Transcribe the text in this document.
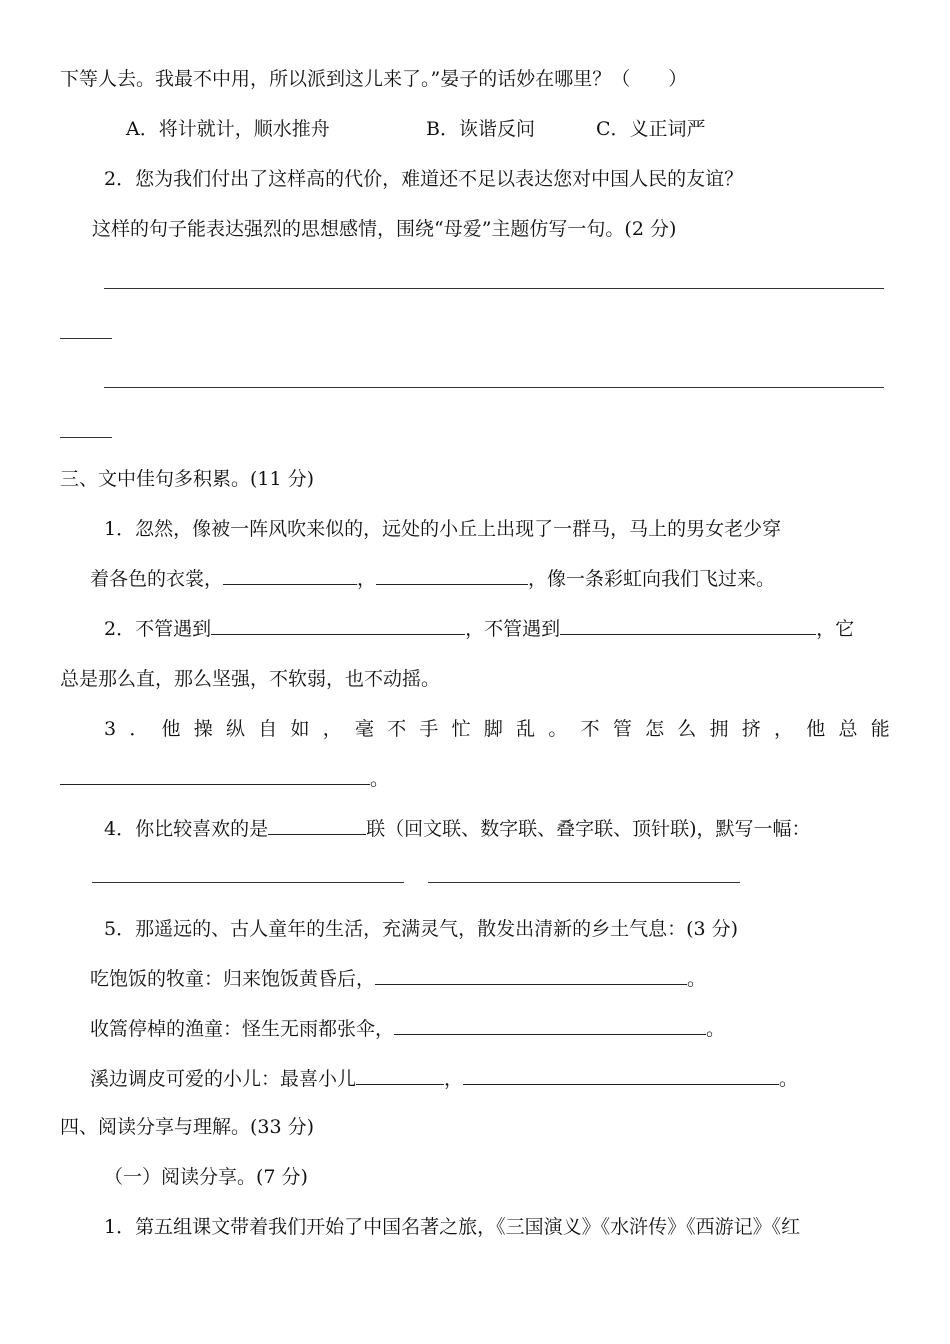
下等人去。我最不中用，所以派到这儿来了。”晏子的话妙在哪里？（　　）
A．将计就计，顺水推舟	B．诙谐反问	C．义正词严
2．您为我们付出了这样高的代价，难道还不足以表达您对中国人民的友谊？
这样的句子能表达强烈的思想感情，围绕“母爱”主题仿写一句。(2 分)
三、文中佳句多积累。(11 分)
1．忽然，像被一阵风吹来似的，远处的小丘上出现了一群马，马上的男女老少穿
着各色的衣裳，	，	，像一条彩虹向我们飞过来。
2．不管遇到	，不管遇到	，它
总是那么直，那么坚强，不软弱，也不动摇。
3 ． 他 操 纵 自 如 ， 毫 不 手 忙 脚 乱 。 不 管 怎 么 拥 挤 ， 他 总 能
。
4．你比较喜欢的是	联（回文联、数字联、叠字联、顶针联)，默写一幅：
5．那遥远的、古人童年的生活，充满灵气，散发出清新的乡土气息：(3 分)
吃饱饭的牧童：归来饱饭黄昏后，	。
收篙停棹的渔童：怪生无雨都张伞，	。
溪边调皮可爱的小儿：最喜小儿	，	。
四、阅读分享与理解。(33 分)
（一）阅读分享。(7 分)
1．第五组课文带着我们开始了中国名著之旅，《三国演义》《水浒传》《西游记》《红
